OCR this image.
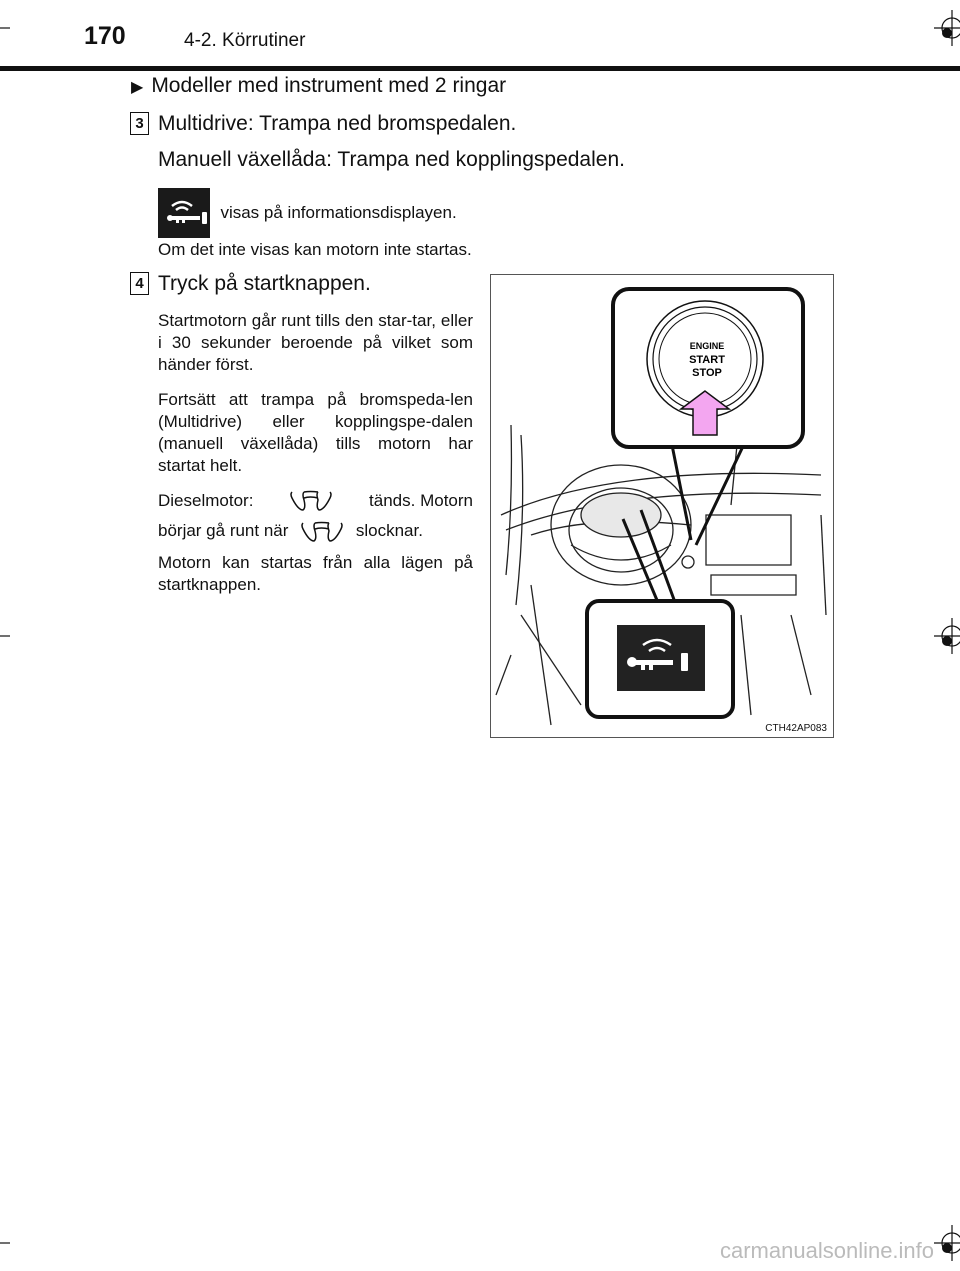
170	4-2. Körrutiner
▶ Modeller med instrument med 2 ringar
3 Multidrive: Trampa ned bromspedalen.
Manuell växellåda: Trampa ned kopplingspedalen.
visas på informationsdisplayen.
Om det inte visas kan motorn inte startas.
4 Tryck på startknappen.
Startmotorn går runt tills den star-tar, eller i 30 sekunder beroende på vilket som händer först.
Fortsätt att trampa på bromspeda-len (Multidrive) eller kopplingspe-dalen (manuell växellåda) tills motorn har startat helt.
Dieselmotor:	tänds. Motorn
börjar gå runt när	slocknar.
Motorn kan startas från alla lägen på startknappen.
ENGINE
START
STOP
CTH42AP083
carmanualsonline.info
